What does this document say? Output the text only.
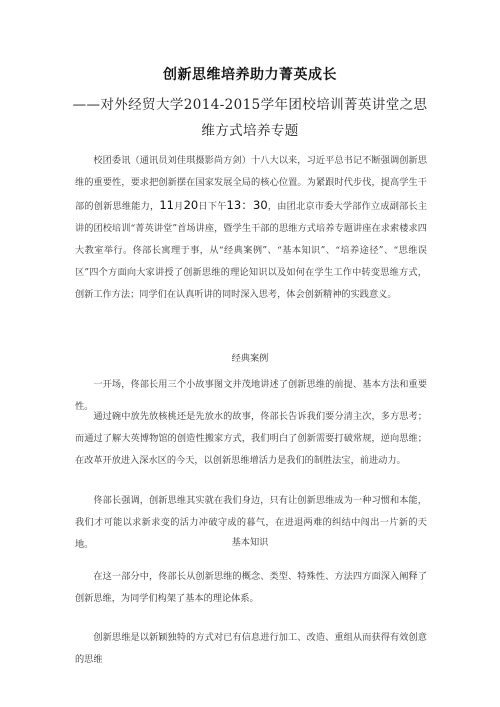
创新思维培养助力菁英成长

——对外经贸大学2014-2015学年团校培训菁英讲堂之思维方式培养专题

校团委讯（通讯员刘佳琪摄影尚方剑）十八大以来，习近平总书记不断强调创新思维的重要性，要求把创新摆在国家发展全局的核心位置。为紧跟时代步伐，提高学生干部的创新思维能力，11月20日下午13：30，由团北京市委大学部作立成副部长主讲的团校培训“菁英讲堂”首场讲座，暨学生干部的思维方式培养专题讲座在求索楼求四大教室举行。佟部长寓理于事，从“经典案例”、“基本知识”、“培养途径”、“思维误区”四个方面向大家讲授了创新思维的理论知识以及如何在学生工作中转变思维方式，创新工作方法；同学们在认真听讲的同时深入思考，体会创新精神的实践意义。

经典案例

一开场，佟部长用三个小故事图文并茂地讲述了创新思维的前提、基本方法和重要性。

通过碗中放先放核桃还是先放水的故事，佟部长告诉我们要分清主次，多方思考；而通过了解大英博物馆的创造性搬家方式，我们明白了创新需要打破常规，逆向思维；在改革开放进入深水区的今天，以创新思维增活力是我们的制胜法宝，前进动力。

佟部长强调，创新思维其实就在我们身边，只有让创新思维成为一种习惯和本能，我们才可能以求新求变的活力冲破守成的暮气，在进退两难的纠结中闯出一片新的天地。	基本知识

在这一部分中，佟部长从创新思维的概念、类型、特殊性、方法四方面深入阐释了创新思维，为同学们构架了基本的理论体系。

创新思维是以新颖独特的方式对已有信息进行加工、改造、重组从而获得有效创意的思维
